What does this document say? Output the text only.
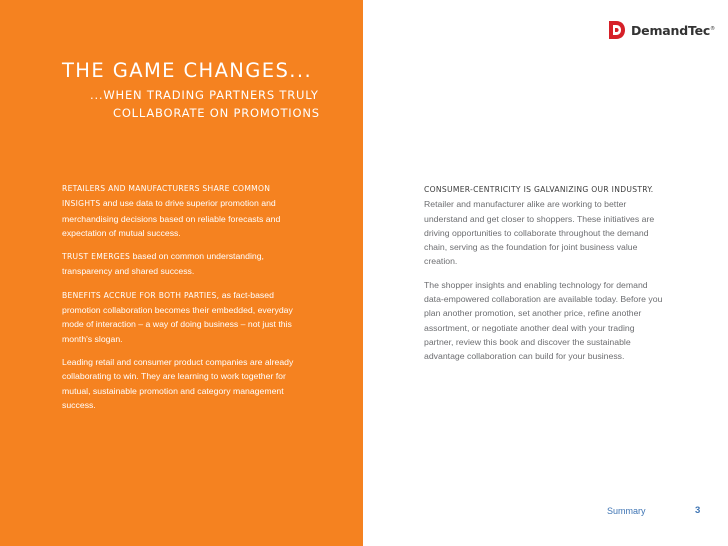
THE GAME CHANGES...
...WHEN TRADING PARTNERS TRULY
COLLABORATE ON PROMOTIONS

RETAILERS AND MANUFACTURERS SHARE COMMON INSIGHTS and use data to drive superior promotion and merchandising decisions based on reliable forecasts and expectation of mutual success.

TRUST EMERGES based on common understanding, transparency and shared success.

BENEFITS ACCRUE FOR BOTH PARTIES, as fact-based promotion collaboration becomes their embedded, everyday mode of interaction – a way of doing business – not just this month's slogan.

Leading retail and consumer product companies are already collaborating to win. They are learning to work together for mutual, sustainable promotion and category management success.

DemandTec®

CONSUMER-CENTRICITY IS GALVANIZING OUR INDUSTRY. Retailer and manufacturer alike are working to better understand and get closer to shoppers. These initiatives are driving opportunities to collaborate throughout the demand chain, serving as the foundation for joint business value creation.

The shopper insights and enabling technology for demand data-empowered collaboration are available today. Before you plan another promotion, set another price, refine another assortment, or negotiate another deal with your trading partner, review this book and discover the sustainable advantage collaboration can build for your business.

Summary	3
